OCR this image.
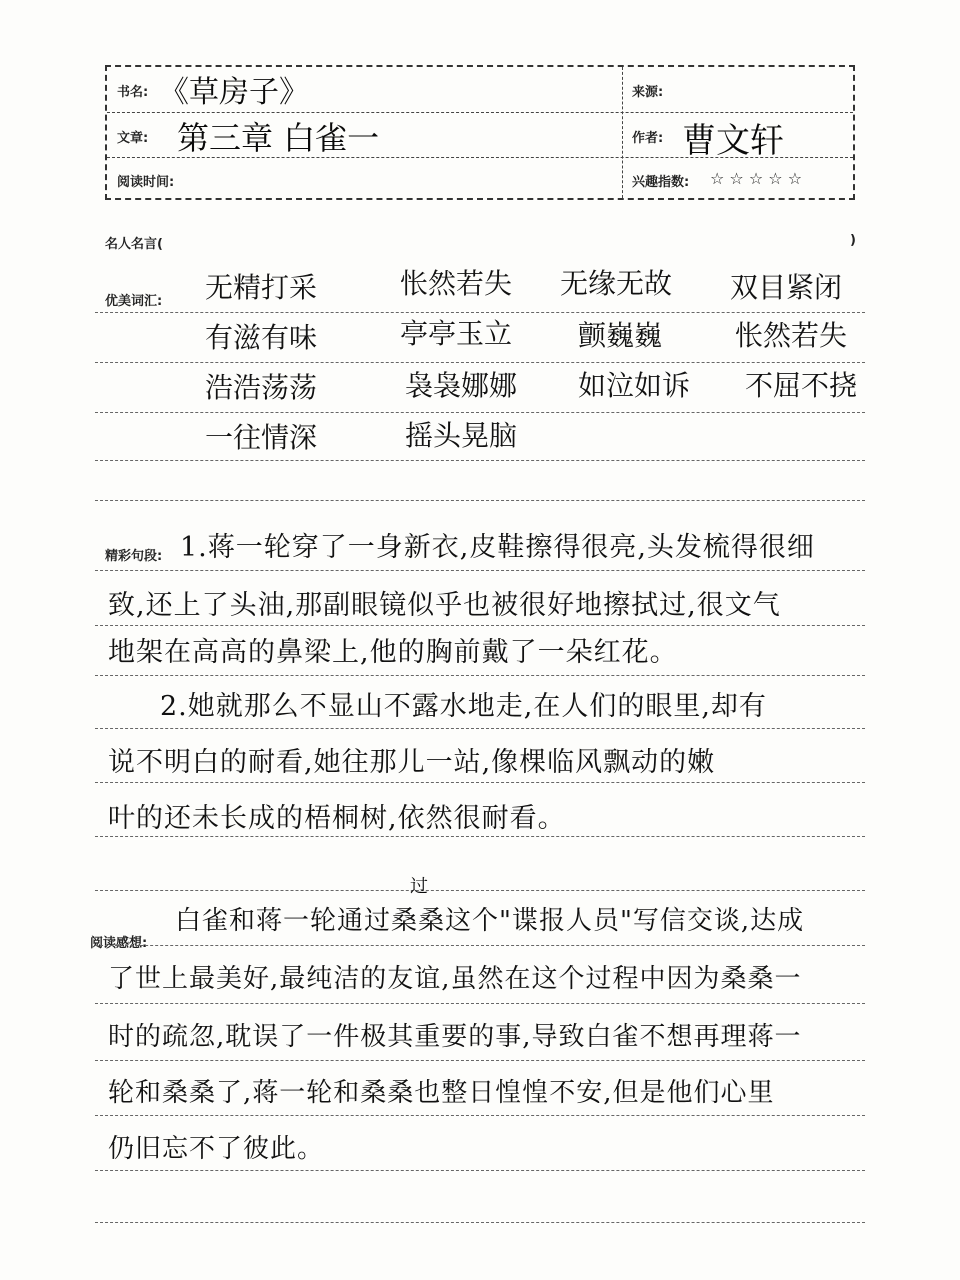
书名: 《草房子》	来源:
文章: 第三章 白雀一	作者: 曹文轩
阅读时间:	兴趣指数: ☆ ☆ ☆ ☆ ☆
名人名言(	)
优美词汇: 无精打采	怅然若失 无缘无故 双目紧闭
有滋有味	亭亭玉立 颤巍巍	怅然若失
浩浩荡荡	袅袅娜娜 如泣如诉 不屈不挠
一往情深	摇头晃脑
精彩句段: 1.蒋一轮穿了一身新衣,皮鞋擦得很亮,头发梳得很细
致,还上了头油,那副眼镜似乎也被很好地擦拭过,很文气
地架在高高的鼻梁上,他的胸前戴了一朵红花。
2.她就那么不显山不露水地走,在人们的眼里,却有
说不明白的耐看,她往那儿一站,像棵临风飘动的嫩
叶的还未长成的梧桐树,依然很耐看。
阅读感想:
过
白雀和蒋一轮通过桑桑这个"谍报人员"写信交谈,达成
了世上最美好,最纯洁的友谊,虽然在这个过程中因为桑桑一
时的疏忽,耽误了一件极其重要的事,导致白雀不想再理蒋一
轮和桑桑了,蒋一轮和桑桑也整日惶惶不安,但是他们心里
仍旧忘不了彼此。
